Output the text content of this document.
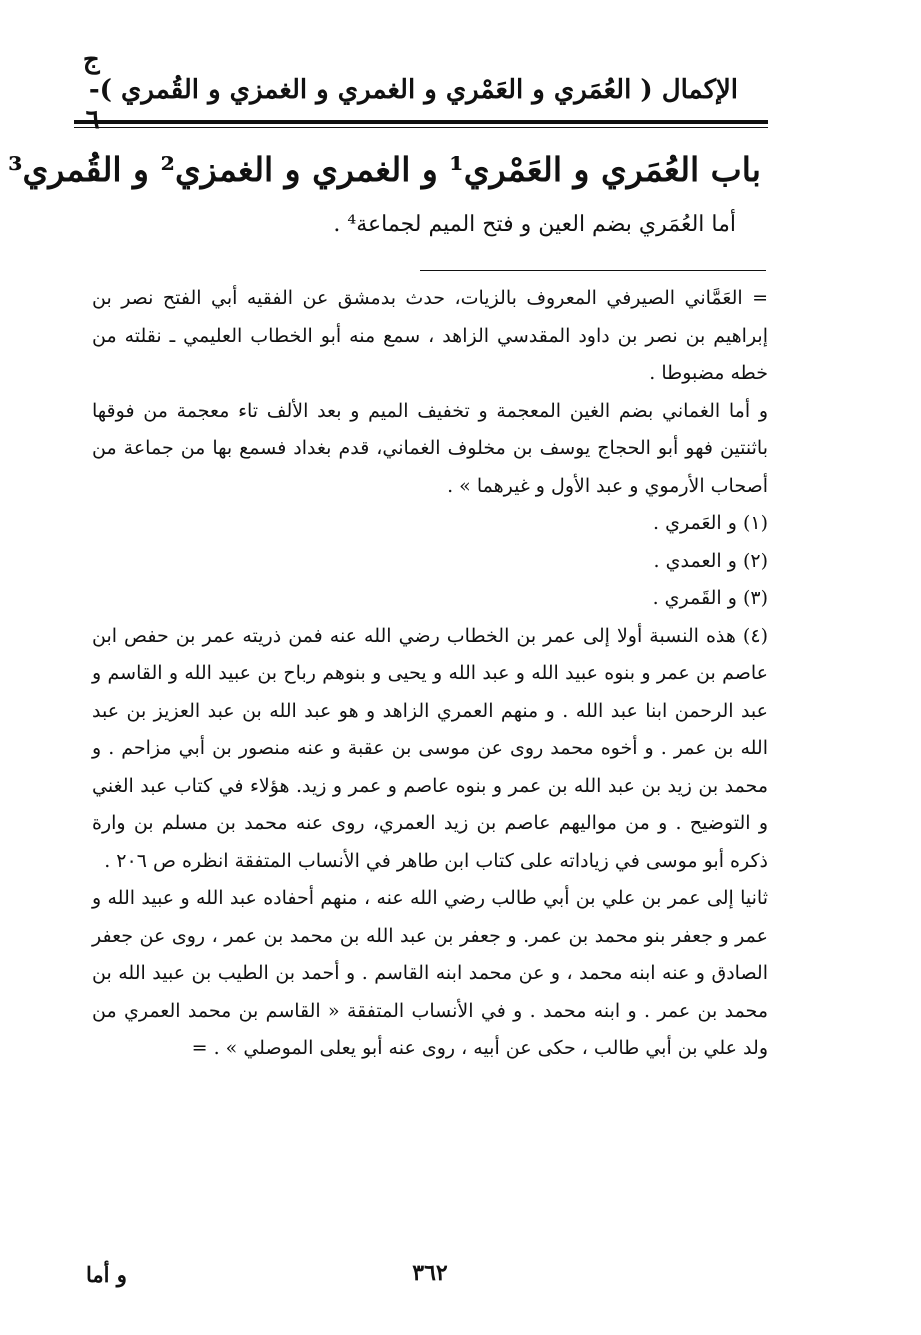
ج - الإكمال ( العُمَري و العَمْري و الغمري و الغمزي و القُمري )
باب العُمَري و العَمْري¹ و الغمري و الغمزي² و القُمري³
أما العُمَري بضم العين و فتح الميم لجماعة⁴ .

= العَمَّاني الصيرفي المعروف بالزيات، حدث بدمشق عن الفقيه أبي الفتح نصر بن إبراهيم بن نصر بن داود المقدسي الزاهد ، سمع منه أبو الخطاب العليمي ـ نقلته من خطه مضبوطا .

و أما الغماني بضم الغين المعجمة و تخفيف الميم و بعد الألف تاء معجمة من فوقها باثنتين فهو أبو الحجاج يوسف بن مخلوف الغماني، قدم بغداد فسمع بها من جماعة من أصحاب الأرموي و عبد الأول و غيرهما » .

(١) و العَمري .

(٢) و العمدي .

(٣) و القَمري .

(٤) هذه النسبة أولا إلى عمر بن الخطاب رضي الله عنه فمن ذريته عمر بن حفص ابن عاصم بن عمر و بنوه عبيد الله و عبد الله و يحيى و بنوهم رباح بن عبيد الله و القاسم و عبد الرحمن ابنا عبد الله . و منهم العمري الزاهد و هو عبد الله بن عبد العزيز بن عبد الله بن عمر . و أخوه محمد روى عن موسى بن عقبة و عنه منصور بن أبي مزاحم . و محمد بن زيد بن عبد الله بن عمر و بنوه عاصم و عمر و زيد. هؤلاء في كتاب عبد الغني و التوضيح . و من مواليهم عاصم بن زيد العمري، روى عنه محمد بن مسلم بن وارة ذكره أبو موسى في زياداته على كتاب ابن طاهر في الأنساب المتفقة انظره ص ٢٠٦ .

ثانيا إلى عمر بن علي بن أبي طالب رضي الله عنه ، منهم أحفاده عبد الله و عبيد الله و عمر و جعفر بنو محمد بن عمر. و جعفر بن عبد الله بن محمد بن عمر ، روى عن جعفر الصادق و عنه ابنه محمد ، و عن محمد ابنه القاسم . و أحمد بن الطيب بن عبيد الله بن محمد بن عمر . و ابنه محمد . و في الأنساب المتفقة « القاسم بن محمد العمري من ولد علي بن أبي طالب ، حكى عن أبيه ، روى عنه أبو يعلى الموصلي » . =

٣٦٢
و أما
